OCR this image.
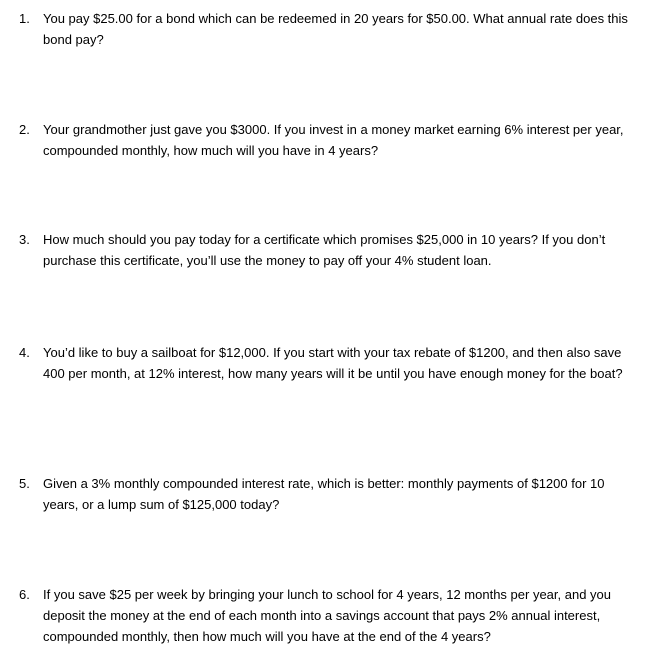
1. You pay $25.00 for a bond which can be redeemed in 20 years for $50.00. What annual rate does this bond pay?
2. Your grandmother just gave you $3000. If you invest in a money market earning 6% interest per year, compounded monthly, how much will you have in 4 years?
3. How much should you pay today for a certificate which promises $25,000 in 10 years? If you don’t purchase this certificate, you’ll use the money to pay off your 4% student loan.
4. You’d like to buy a sailboat for $12,000. If you start with your tax rebate of $1200, and then also save 400 per month, at 12% interest, how many years will it be until you have enough money for the boat?
5. Given a 3% monthly compounded interest rate, which is better: monthly payments of $1200 for 10 years, or a lump sum of $125,000 today?
6. If you save $25 per week by bringing your lunch to school for 4 years, 12 months per year, and you deposit the money at the end of each month into a savings account that pays 2% annual interest, compounded monthly, then how much will you have at the end of the 4 years?
